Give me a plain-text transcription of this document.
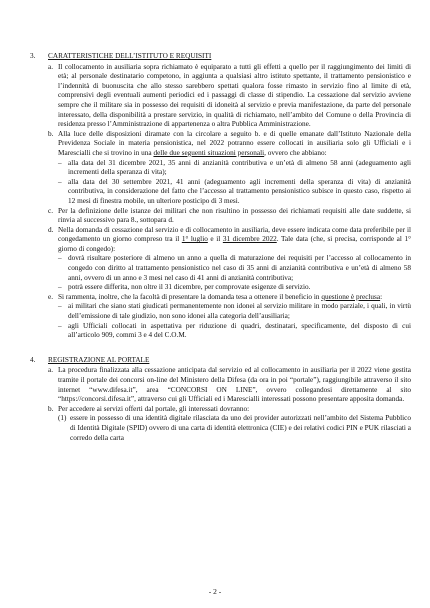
3. CARATTERISTICHE DELL’ISTITUTO E REQUISITI

a. Il collocamento in ausiliaria sopra richiamato è equiparato a tutti gli effetti a quello per il raggiungimento dei limiti di età; al personale destinatario competono, in aggiunta a qualsiasi altro istituto spettante, il trattamento pensionistico e l’indennità di buonuscita che allo stesso sarebbero spettati qualora fosse rimasto in servizio fino al limite di età, comprensivi degli eventuali aumenti periodici ed i passaggi di classe di stipendio. La cessazione dal servizio avviene sempre che il militare sia in possesso dei requisiti di idoneità al servizio e previa manifestazione, da parte del personale interessato, della disponibilità a prestare servizio, in qualità di richiamato, nell’ambito del Comune o della Provincia di residenza presso l’Amministrazione di appartenenza o altra Pubblica Amministrazione.
b. Alla luce delle disposizioni diramate con la circolare a seguito b. e di quelle emanate dall’Istituto Nazionale della Previdenza Sociale in materia pensionistica, nel 2022 potranno essere collocati in ausiliaria solo gli Ufficiali e i Marescialli che si trovino in una delle due seguenti situazioni personali, ovvero che abbiano:
– alla data del 31 dicembre 2021, 35 anni di anzianità contributiva e un’età di almeno 58 anni (adeguamento agli incrementi della speranza di vita);
– alla data del 30 settembre 2021, 41 anni (adeguamento agli incrementi della speranza di vita) di anzianità contributiva, in considerazione del fatto che l’accesso al trattamento pensionistico subisce in questo caso, rispetto ai 12 mesi di finestra mobile, un ulteriore posticipo di 3 mesi.
c. Per la definizione delle istanze dei militari che non risultino in possesso dei richiamati requisiti alle date suddette, si rinvia al successivo para 8., sottopara d.
d. Nella domanda di cessazione dal servizio e di collocamento in ausiliaria, deve essere indicata come data preferibile per il congedamento un giorno compreso tra il 1° luglio e il 31 dicembre 2022. Tale data (che, si precisa, corrisponde al 1° giorno di congedo):
– dovrà risultare posteriore di almeno un anno a quella di maturazione dei requisiti per l’accesso al collocamento in congedo con diritto al trattamento pensionistico nel caso di 35 anni di anzianità contributiva e un’età di almeno 58 anni, ovvero di un anno e 3 mesi nel caso di 41 anni di anzianità contributiva;
– potrà essere differita, non oltre il 31 dicembre, per comprovate esigenze di servizio.
e. Si rammenta, inoltre, che la facoltà di presentare la domanda tesa a ottenere il beneficio in questione è preclusa:
– ai militari che siano stati giudicati permanentemente non idonei al servizio militare in modo parziale, i quali, in virtù dell’emissione di tale giudizio, non sono idonei alla categoria dell’ausiliaria;
– agli Ufficiali collocati in aspettativa per riduzione di quadri, destinatari, specificamente, del disposto di cui all’articolo 909, commi 3 e 4 del C.O.M.
4. REGISTRAZIONE AL PORTALE

a. La procedura finalizzata alla cessazione anticipata dal servizio ed al collocamento in ausiliaria per il 2022 viene gestita tramite il portale dei concorsi on-line del Ministero della Difesa (da ora in poi “portale”), raggiungibile attraverso il sito internet “www.difesa.it”, area “CONCORSI ON LINE”, ovvero collegandosi direttamente al sito “https://concorsi.difesa.it”, attraverso cui gli Ufficiali ed i Marescialli interessati possono presentare apposita domanda.
b. Per accedere ai servizi offerti dal portale, gli interessati dovranno:
(1) essere in possesso di una identità digitale rilasciata da uno dei provider autorizzati nell’ambito del Sistema Pubblico di Identità Digitale (SPID) ovvero di una carta di identità elettronica (CIE) e dei relativi codici PIN e PUK rilasciati a corredo della carta
- 2 -
